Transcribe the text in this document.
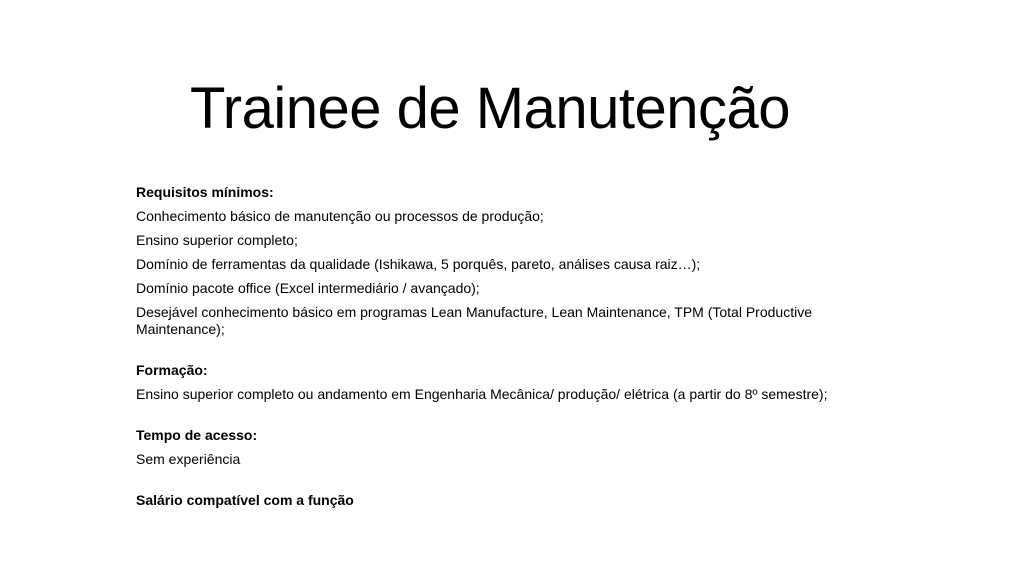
Trainee de Manutenção
Requisitos mínimos:
Conhecimento básico de manutenção ou processos de produção;
Ensino superior completo;
Domínio de ferramentas da qualidade (Ishikawa, 5 porquês, pareto, análises causa raiz…);
Domínio pacote office (Excel intermediário / avançado);
Desejável conhecimento básico em programas Lean Manufacture, Lean Maintenance, TPM (Total Productive Maintenance);
Formação:
Ensino superior completo ou andamento em Engenharia Mecânica/ produção/ elétrica (a partir do 8º semestre);
Tempo de acesso:
Sem experiência
Salário compatível com a função
